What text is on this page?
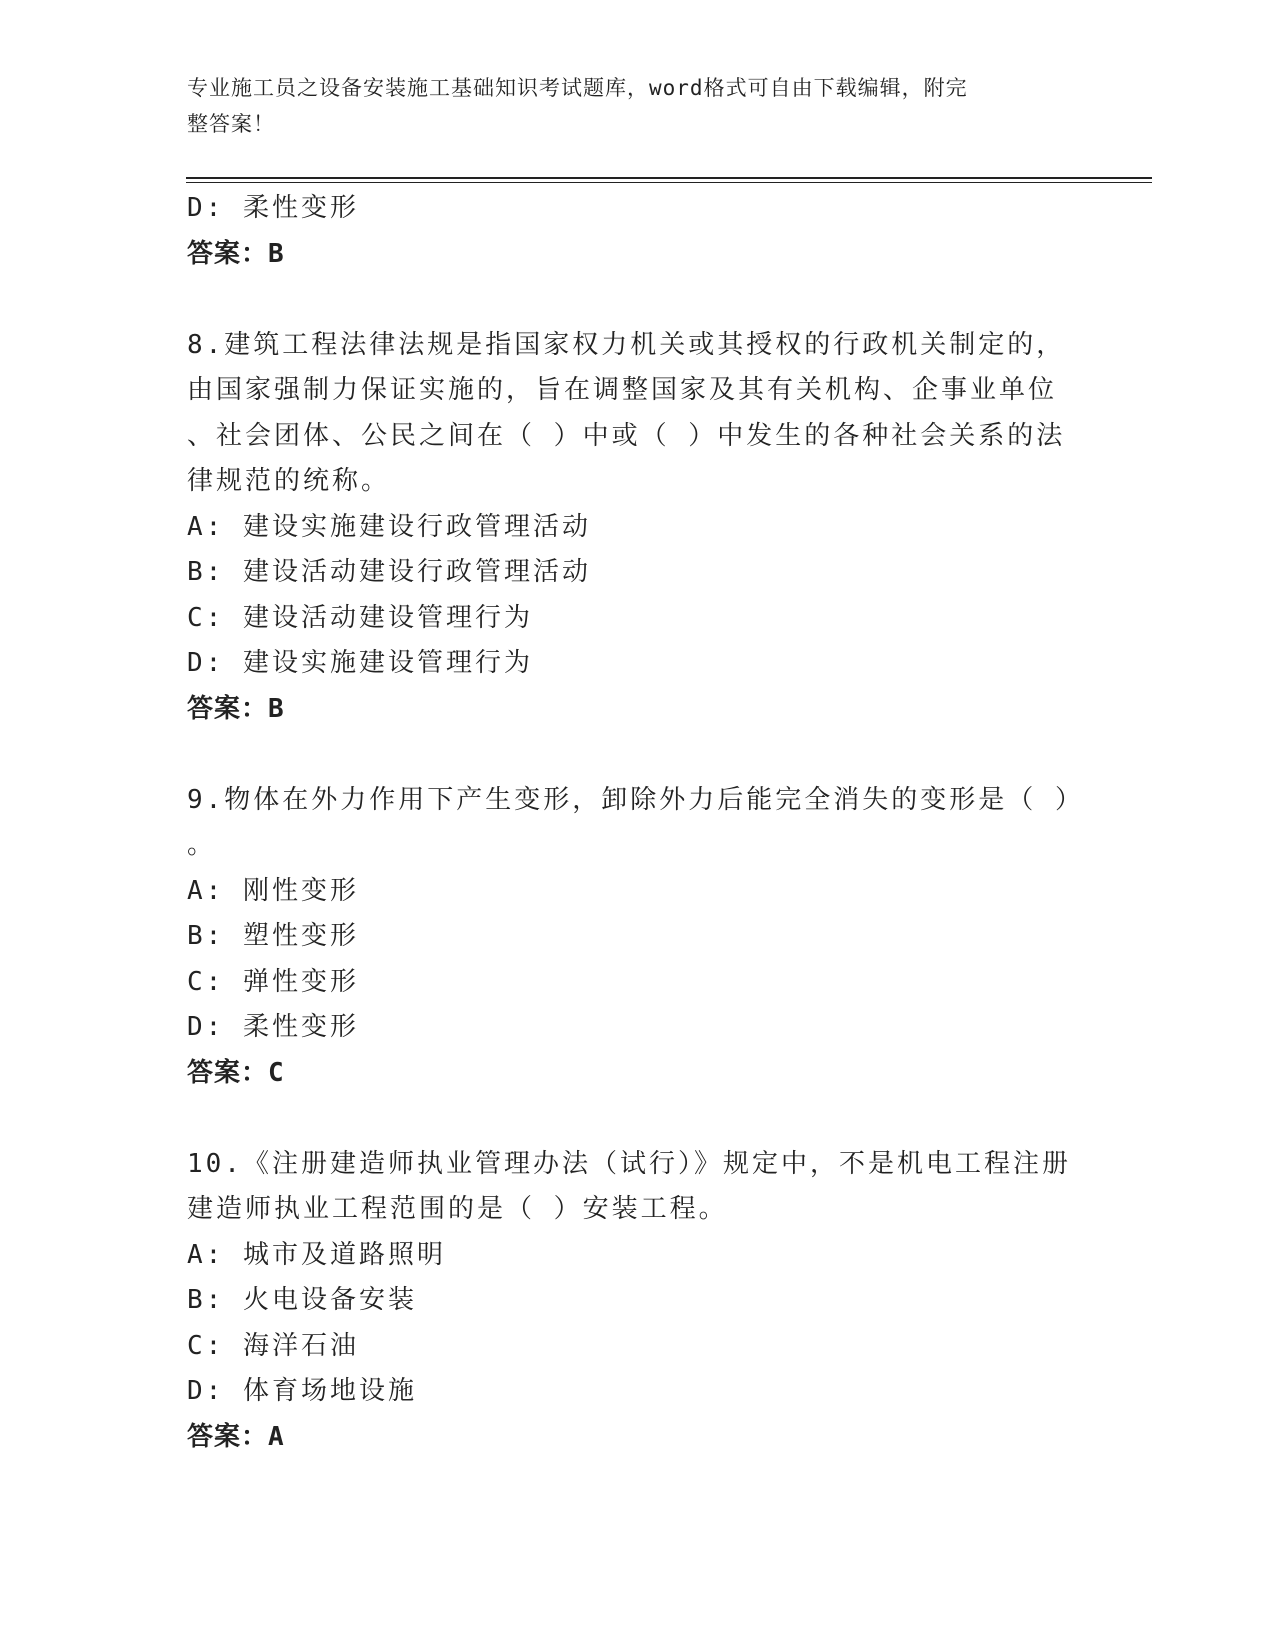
专业施工员之设备安装施工基础知识考试题库，word格式可自由下载编辑，附完
整答案！
D: 柔性变形
答案：B
8.建筑工程法律法规是指国家权力机关或其授权的行政机关制定的，
由国家强制力保证实施的，旨在调整国家及其有关机构、企事业单位
、社会团体、公民之间在（ ）中或（ ）中发生的各种社会关系的法
律规范的统称。
A: 建设实施建设行政管理活动
B: 建设活动建设行政管理活动
C: 建设活动建设管理行为
D: 建设实施建设管理行为
答案：B
9.物体在外力作用下产生变形，卸除外力后能完全消失的变形是（ ）
。
A: 刚性变形
B: 塑性变形
C: 弹性变形
D: 柔性变形
答案：C
10.《注册建造师执业管理办法（试行）》规定中，不是机电工程注册
建造师执业工程范围的是（ ）安装工程。
A: 城市及道路照明
B: 火电设备安装
C: 海洋石油
D: 体育场地设施
答案：A
